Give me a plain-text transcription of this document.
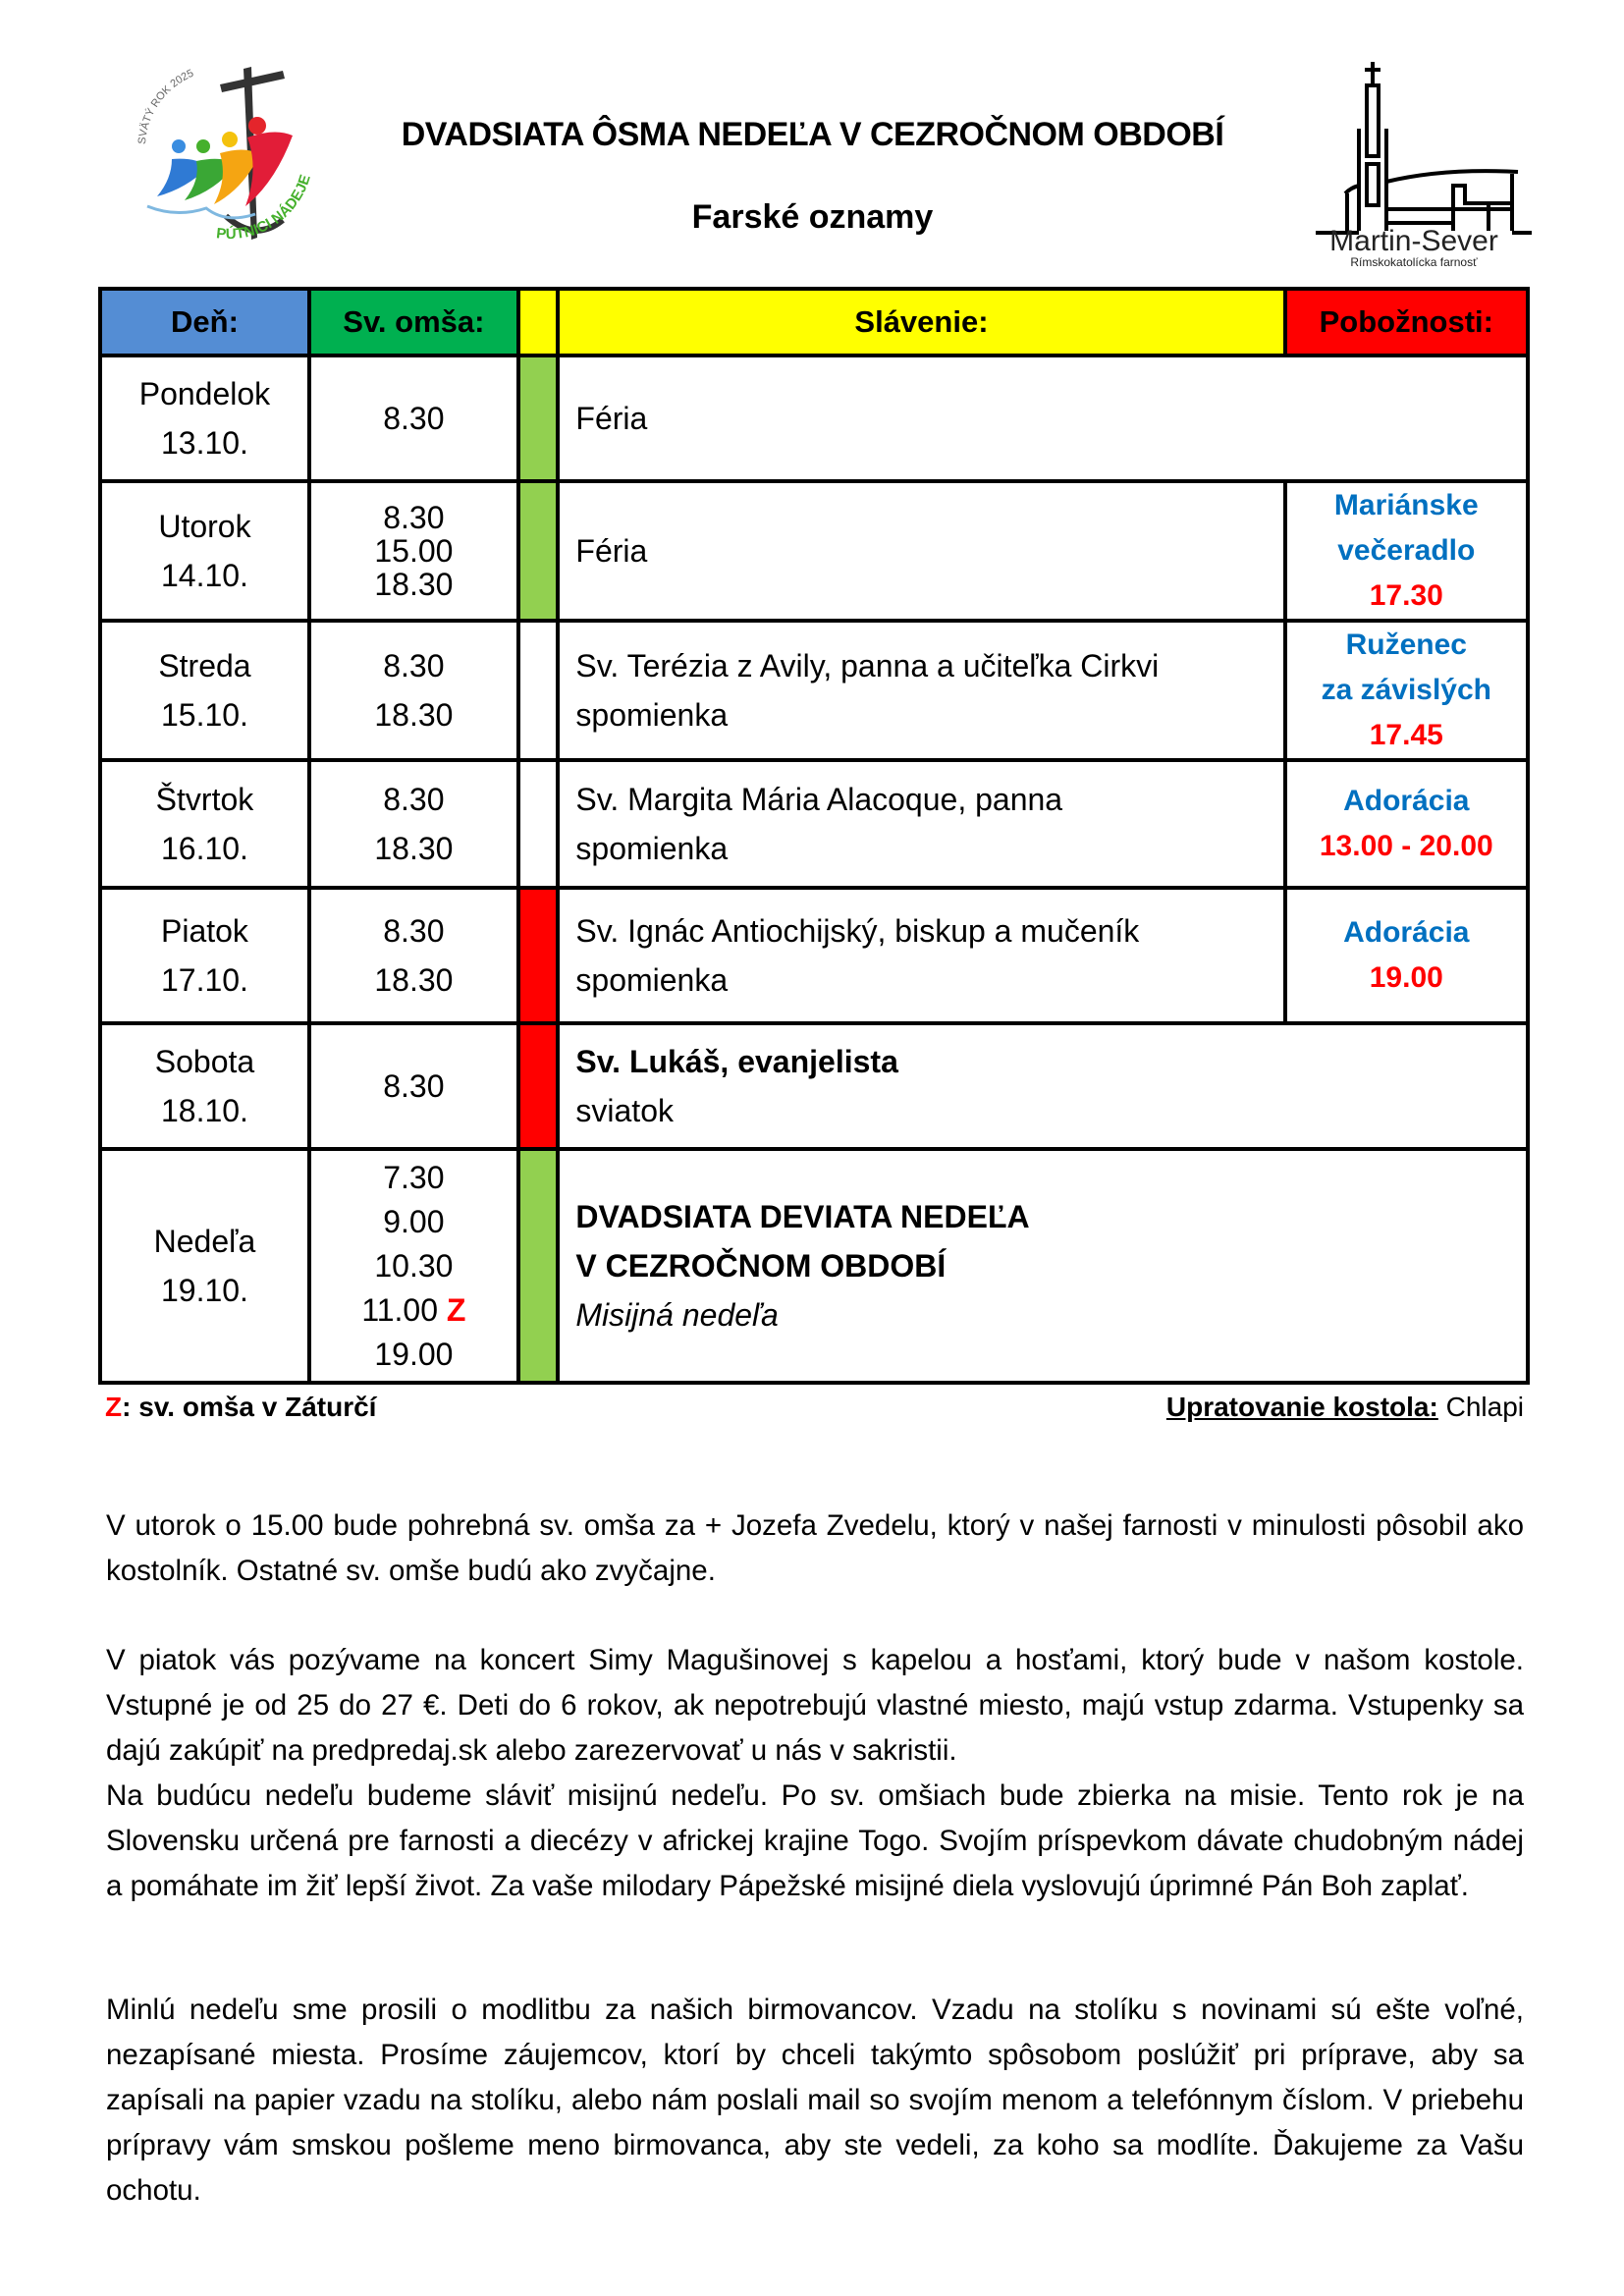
SVÄTÝ ROK 2025
PÚTNICI NÁDEJE
Martin-Sever
Rímskokatolícka farnosť
DVADSIATA ÔSMA NEDEĽA V CEZROČNOM OBDOBÍ
Farské oznamy
Deň:	Sv. omša:		Slávenie:	Pobožnosti:

Pondelok
13.10.	8.30		Féria	

Utorok
14.10.	8.30
15.00
18.30		Féria	Mariánske
večeradlo
17.30

Streda
15.10.	8.30
18.30		Sv. Terézia z Avily, panna a učiteľka Cirkvi
spomienka	Ruženec
za závislých
17.45

Štvrtok
16.10.	8.30
18.30		Sv. Margita Mária Alacoque, panna
spomienka	Adorácia
13.00 - 20.00

Piatok
17.10.	8.30
18.30		Sv. Ignác Antiochijský, biskup a mučeník
spomienka	Adorácia
19.00

Sobota
18.10.	8.30		Sv. Lukáš, evanjelista
sviatok	

Nedeľa
19.10.	7.30
9.00
10.30
11.00 Z
19.00		DVADSIATA DEVIATA NEDEĽA
V CEZROČNOM OBDOBÍ
Misijná nedeľa	
Z: sv. omša v Záturčí	Upratovanie kostola: Chlapi

V utorok o 15.00 bude pohrebná sv. omša za + Jozefa Zvedelu, ktorý v našej farnosti v minulosti pôsobil ako kostolník. Ostatné sv. omše budú ako zvyčajne.

V piatok vás pozývame na koncert Simy Magušinovej s kapelou a hosťami, ktorý bude v našom kostole. Vstupné je od 25 do 27 €. Deti do 6 rokov, ak nepotrebujú vlastné miesto, majú vstup zdarma. Vstupenky sa dajú zakúpiť na predpredaj.sk alebo zarezervovať u nás v sakristii.

Na budúcu nedeľu budeme sláviť misijnú nedeľu. Po sv. omšiach bude zbierka na misie. Tento rok je na Slovensku určená pre farnosti a diecézy v africkej krajine Togo. Svojím príspevkom dávate chudobným nádej a pomáhate im žiť lepší život. Za vaše milodary Pápežské misijné diela vyslovujú úprimné Pán Boh zaplať.

Minlú nedeľu sme prosili o modlitbu za našich birmovancov. Vzadu na stolíku s novinami sú ešte voľné, nezapísané miesta. Prosíme záujemcov, ktorí by chceli takýmto spôsobom poslúžiť pri príprave, aby sa zapísali na papier vzadu na stolíku, alebo nám poslali mail so svojím menom a telefónnym číslom. V priebehu prípravy vám smskou pošleme meno birmovanca, aby ste vedeli, za koho sa modlíte. Ďakujeme za Vašu ochotu.
